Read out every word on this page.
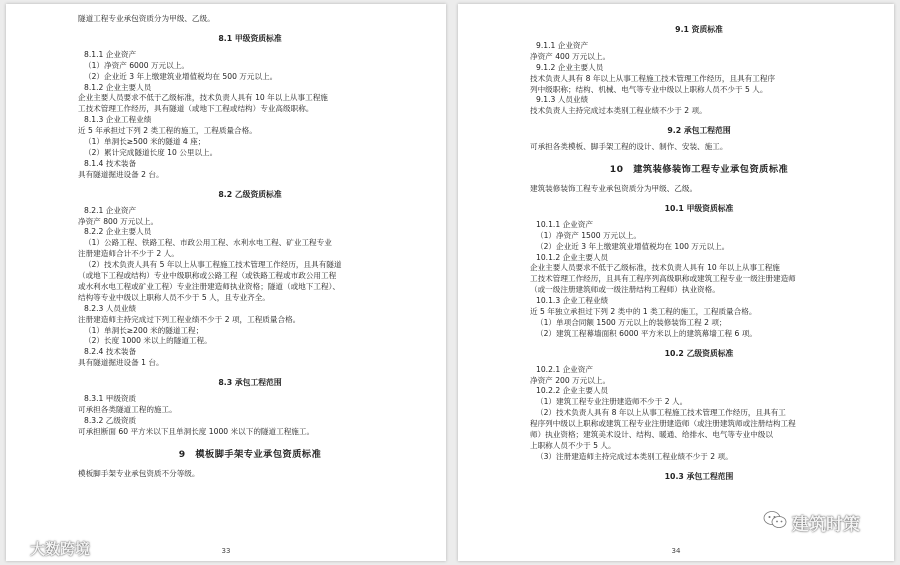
隧道工程专业承包资质分为甲级、乙级。
8.1 甲级资质标准
8.1.1 企业资产
（1）净资产 6000 万元以上。
（2）企业近 3 年上缴建筑业增值税均在 500 万元以上。
8.1.2 企业主要人员
企业主要人员要求不低于乙级标准，技术负责人具有 10 年以上从事工程施
工技术管理工作经历，具有隧道（或地下工程或结构）专业高级职称。
8.1.3 企业工程业绩
近 5 年承担过下列 2 类工程的施工，工程质量合格。
（1）单洞长≥500 米的隧道 4 座；
（2）累计完成隧道长度 10 公里以上。
8.1.4 技术装备
具有隧道掘进设备 2 台。
8.2 乙级资质标准
8.2.1 企业资产
净资产 800 万元以上。
8.2.2 企业主要人员
（1）公路工程、铁路工程、市政公用工程、水利水电工程、矿业工程专业
注册建造师合计不少于 2 人。
（2）技术负责人具有 5 年以上从事工程施工技术管理工作经历，且具有隧道
（或地下工程或结构）专业中级职称或公路工程（或铁路工程或市政公用工程
或水利水电工程或矿业工程）专业注册建造师执业资格；隧道（或地下工程）、
结构等专业中级以上职称人员不少于 5 人，且专业齐全。
8.2.3 人员业绩
注册建造师主持完成过下列工程业绩不少于 2 项，工程质量合格。
（1）单洞长≥200 米的隧道工程；
（2）长度 1000 米以上的隧道工程。
8.2.4 技术装备
具有隧道掘进设备 1 台。
8.3 承包工程范围
8.3.1 甲级资质
可承担各类隧道工程的施工。
8.3.2 乙级资质
可承担断面 60 平方米以下且单洞长度 1000 米以下的隧道工程施工。
9　模板脚手架专业承包资质标准
模板脚手架专业承包资质不分等级。
33
9.1 资质标准
9.1.1 企业资产
净资产 400 万元以上。
9.1.2 企业主要人员
技术负责人具有 8 年以上从事工程施工技术管理工作经历，且具有工程序
列中级职称；结构、机械、电气等专业中级以上职称人员不少于 5 人。
9.1.3 人员业绩
技术负责人主持完成过本类别工程业绩不少于 2 项。
9.2 承包工程范围
可承担各类模板、脚手架工程的设计、制作、安装、施工。
10　建筑装修装饰工程专业承包资质标准
建筑装修装饰工程专业承包资质分为甲级、乙级。
10.1 甲级资质标准
10.1.1 企业资产
（1）净资产 1500 万元以上。
（2）企业近 3 年上缴建筑业增值税均在 100 万元以上。
10.1.2 企业主要人员
企业主要人员要求不低于乙级标准，技术负责人具有 10 年以上从事工程施
工技术管理工作经历，且具有工程序列高级职称或建筑工程专业一级注册建造师
（或一级注册建筑师或一级注册结构工程师）执业资格。
10.1.3 企业工程业绩
近 5 年独立承担过下列 2 类中的 1 类工程的施工，工程质量合格。
（1）单项合同额 1500 万元以上的装修装饰工程 2 项；
（2）建筑工程幕墙面积 6000 平方米以上的建筑幕墙工程 6 项。
10.2 乙级资质标准
10.2.1 企业资产
净资产 200 万元以上。
10.2.2 企业主要人员
（1）建筑工程专业注册建造师不少于 2 人。
（2）技术负责人具有 8 年以上从事工程施工技术管理工作经历，且具有工
程序列中级以上职称或建筑工程专业注册建造师（或注册建筑师或注册结构工程
师）执业资格；建筑美术设计、结构、暖通、给排水、电气等专业中级以
上职称人员不少于 5 人。
（3）注册建造师主持完成过本类别工程业绩不少于 2 项。
10.3 承包工程范围
34
大数跨境
建筑时策
